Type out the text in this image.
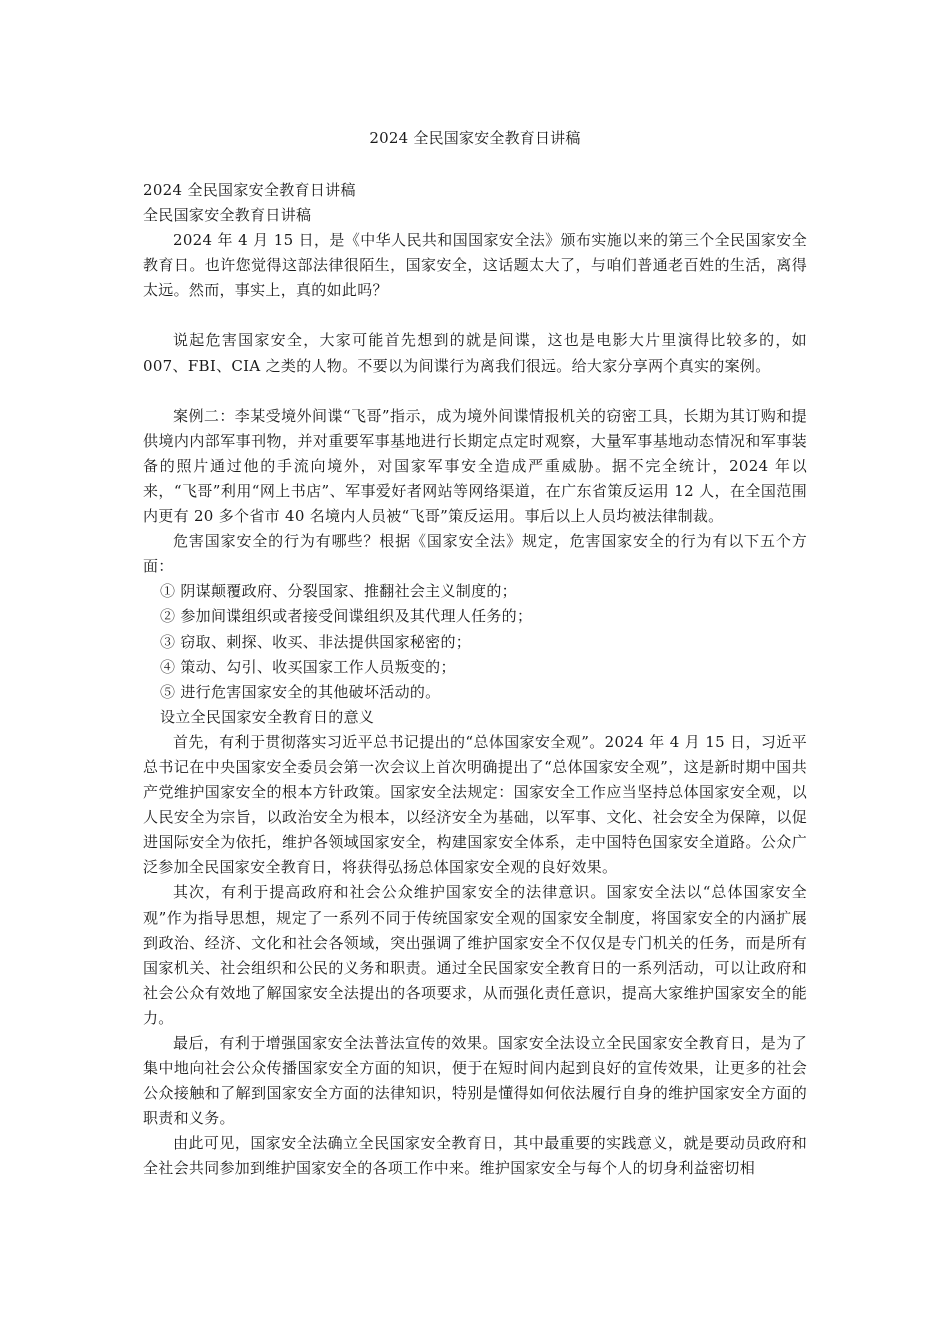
2024 全民国家安全教育日讲稿

2024 全民国家安全教育日讲稿

全民国家安全教育日讲稿

2024 年 4 月 15 日，是《中华人民共和国国家安全法》颁布实施以来的第三个全民国家安全教育日。也许您觉得这部法律很陌生，国家安全，这话题太大了，与咱们普通老百姓的生活，离得太远。然而，事实上，真的如此吗？

说起危害国家安全，大家可能首先想到的就是间谍，这也是电影大片里演得比较多的，如 007、FBI、CIA 之类的人物。不要以为间谍行为离我们很远。给大家分享两个真实的案例。

案例二：李某受境外间谍“飞哥”指示，成为境外间谍情报机关的窃密工具，长期为其订购和提供境内内部军事刊物，并对重要军事基地进行长期定点定时观察，大量军事基地动态情况和军事装备的照片通过他的手流向境外，对国家军事安全造成严重威胁。据不完全统计，2024 年以来，“飞哥”利用“网上书店”、军事爱好者网站等网络渠道，在广东省策反运用 12 人，在全国范围内更有 20 多个省市 40 名境内人员被“飞哥”策反运用。事后以上人员均被法律制裁。

危害国家安全的行为有哪些？根据《国家安全法》规定，危害国家安全的行为有以下五个方面：

① 阴谋颠覆政府、分裂国家、推翻社会主义制度的；

② 参加间谍组织或者接受间谍组织及其代理人任务的；

③ 窃取、刺探、收买、非法提供国家秘密的；

④ 策动、勾引、收买国家工作人员叛变的；

⑤ 进行危害国家安全的其他破坏活动的。

设立全民国家安全教育日的意义

首先，有利于贯彻落实习近平总书记提出的“总体国家安全观”。2024 年 4 月 15 日，习近平总书记在中央国家安全委员会第一次会议上首次明确提出了“总体国家安全观”，这是新时期中国共产党维护国家安全的根本方针政策。国家安全法规定：国家安全工作应当坚持总体国家安全观，以人民安全为宗旨，以政治安全为根本，以经济安全为基础，以军事、文化、社会安全为保障，以促进国际安全为依托，维护各领域国家安全，构建国家安全体系，走中国特色国家安全道路。公众广泛参加全民国家安全教育日，将获得弘扬总体国家安全观的良好效果。

其次，有利于提高政府和社会公众维护国家安全的法律意识。国家安全法以“总体国家安全观”作为指导思想，规定了一系列不同于传统国家安全观的国家安全制度，将国家安全的内涵扩展到政治、经济、文化和社会各领域，突出强调了维护国家安全不仅仅是专门机关的任务，而是所有国家机关、社会组织和公民的义务和职责。通过全民国家安全教育日的一系列活动，可以让政府和社会公众有效地了解国家安全法提出的各项要求，从而强化责任意识，提高大家维护国家安全的能力。

最后，有利于增强国家安全法普法宣传的效果。国家安全法设立全民国家安全教育日，是为了集中地向社会公众传播国家安全方面的知识，便于在短时间内起到良好的宣传效果，让更多的社会公众接触和了解到国家安全方面的法律知识，特别是懂得如何依法履行自身的维护国家安全方面的职责和义务。

由此可见，国家安全法确立全民国家安全教育日，其中最重要的实践意义，就是要动员政府和全社会共同参加到维护国家安全的各项工作中来。维护国家安全与每个人的切身利益密切相
